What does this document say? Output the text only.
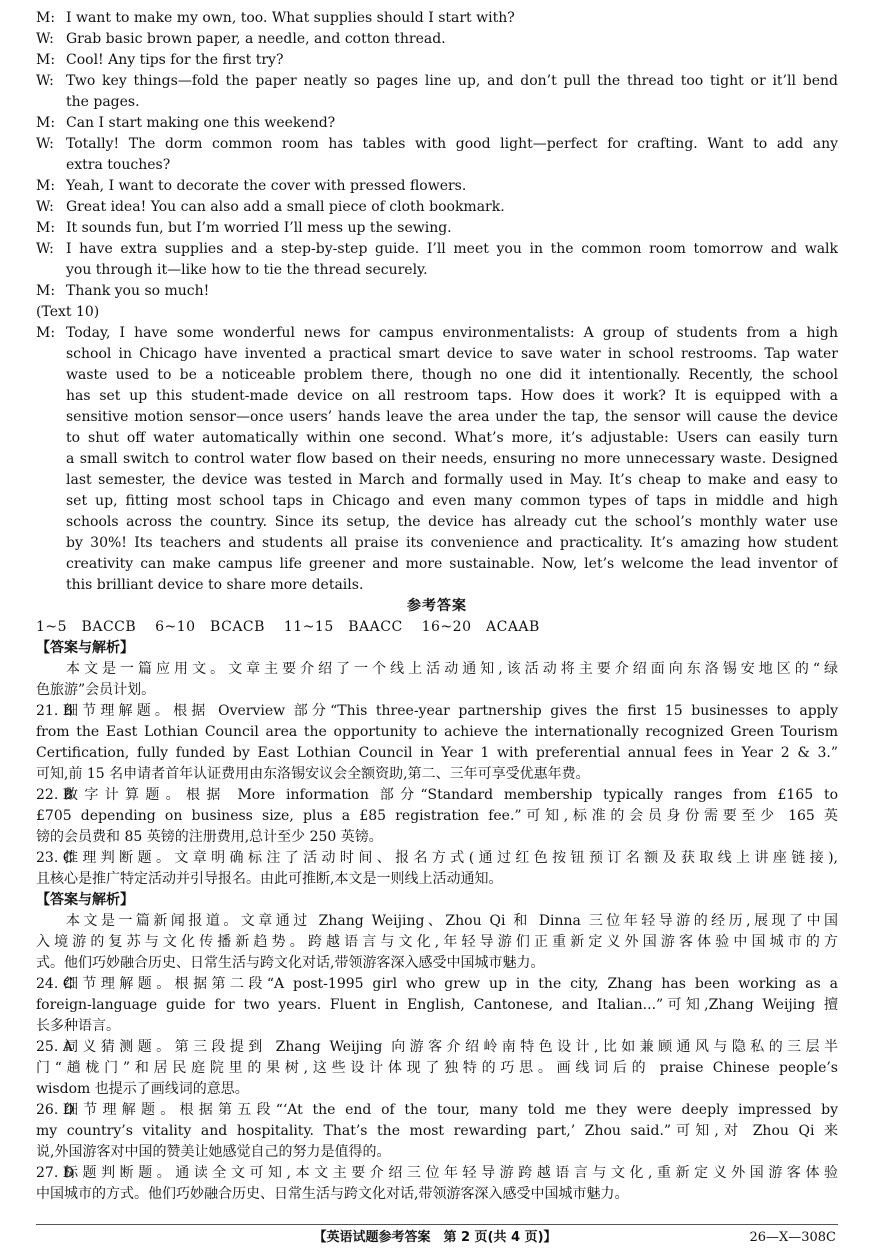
M: I want to make my own, too. What supplies should I start with?
W: Grab basic brown paper, a needle, and cotton thread.
M: Cool! Any tips for the first try?
W: Two key things—fold the paper neatly so pages line up, and don’t pull the thread too tight or it’ll bend
the pages.
M: Can I start making one this weekend?
W: Totally! The dorm common room has tables with good light—perfect for crafting. Want to add any
extra touches?
M: Yeah, I want to decorate the cover with pressed flowers.
W: Great idea! You can also add a small piece of cloth bookmark.
M: It sounds fun, but I’m worried I’ll mess up the sewing.
W: I have extra supplies and a step-by-step guide. I’ll meet you in the common room tomorrow and walk
you through it—like how to tie the thread securely.
M: Thank you so much!
(Text 10)
M: Today, I have some wonderful news for campus environmentalists: A group of students from a high
school in Chicago have invented a practical smart device to save water in school restrooms. Tap water
waste used to be a noticeable problem there, though no one did it intentionally. Recently, the school
has set up this student-made device on all restroom taps. How does it work? It is equipped with a
sensitive motion sensor—once users’ hands leave the area under the tap, the sensor will cause the device
to shut off water automatically within one second. What’s more, it’s adjustable: Users can easily turn
a small switch to control water flow based on their needs, ensuring no more unnecessary waste. Designed
last semester, the device was tested in March and formally used in May. It’s cheap to make and easy to
set up, fitting most school taps in Chicago and even many common types of taps in middle and high
schools across the country. Since its setup, the device has already cut the school’s monthly water use
by 30%! Its teachers and students all praise its convenience and practicality. It’s amazing how student
creativity can make campus life greener and more sustainable. Now, let’s welcome the lead inventor of
this brilliant device to share more details.
参考答案
1~5　BACCB 6~10　BCACB 11~15　BAACC 16~20　ACAAB
【答案与解析】
本文是一篇应用文。文章主要介绍了一个线上活动通知,该活动将主要介绍面向东洛锡安地区的“绿
色旅游”会员计划。
21. B
细节理解题。根据 Overview 部分“This three-year partnership gives the first 15 businesses to apply
from the East Lothian Council area the opportunity to achieve the internationally recognized Green Tourism
Certification, fully funded by East Lothian Council in Year 1 with preferential annual fees in Year 2 & 3.”
可知,前 15 名申请者首年认证费用由东洛锡安议会全额资助,第二、三年可享受优惠年费。
22. B
数字计算题。根据 More information 部分“Standard membership typically ranges from £165 to
£705 depending on business size, plus a £85 registration fee.”可知,标准的会员身份需要至少 165 英
镑的会员费和 85 英镑的注册费用,总计至少 250 英镑。
23. C
推理判断题。文章明确标注了活动时间、报名方式(通过红色按钮预订名额及获取线上讲座链接),
且核心是推广特定活动并引导报名。由此可推断,本文是一则线上活动通知。
【答案与解析】
本文是一篇新闻报道。文章通过 Zhang Weijing、Zhou Qi 和 Dinna 三位年轻导游的经历,展现了中国
入境游的复苏与文化传播新趋势。跨越语言与文化,年轻导游们正重新定义外国游客体验中国城市的方
式。他们巧妙融合历史、日常生活与跨文化对话,带领游客深入感受中国城市魅力。
24. C
细节理解题。根据第二段“A post-1995 girl who grew up in the city, Zhang has been working as a
foreign-language guide for two years. Fluent in English, Cantonese, and Italian...”可知,Zhang Weijing 擅
长多种语言。
25. A
词义猜测题。第三段提到 Zhang Weijing 向游客介绍岭南特色设计,比如兼顾通风与隐私的三层半
门“趟栊门”和居民庭院里的果树,这些设计体现了独特的巧思。画线词后的 praise Chinese people’s
wisdom 也提示了画线词的意思。
26. D
细节理解题。根据第五段“‘At the end of the tour, many told me they were deeply impressed by
my country’s vitality and hospitality. That’s the most rewarding part,’ Zhou said.”可知,对 Zhou Qi 来
说,外国游客对中国的赞美让她感觉自己的努力是值得的。
27. D
标题判断题。通读全文可知,本文主要介绍三位年轻导游跨越语言与文化,重新定义外国游客体验
中国城市的方式。他们巧妙融合历史、日常生活与跨文化对话,带领游客深入感受中国城市魅力。
【英语试题参考答案　第 2 页(共 4 页)】	26—X—308C
